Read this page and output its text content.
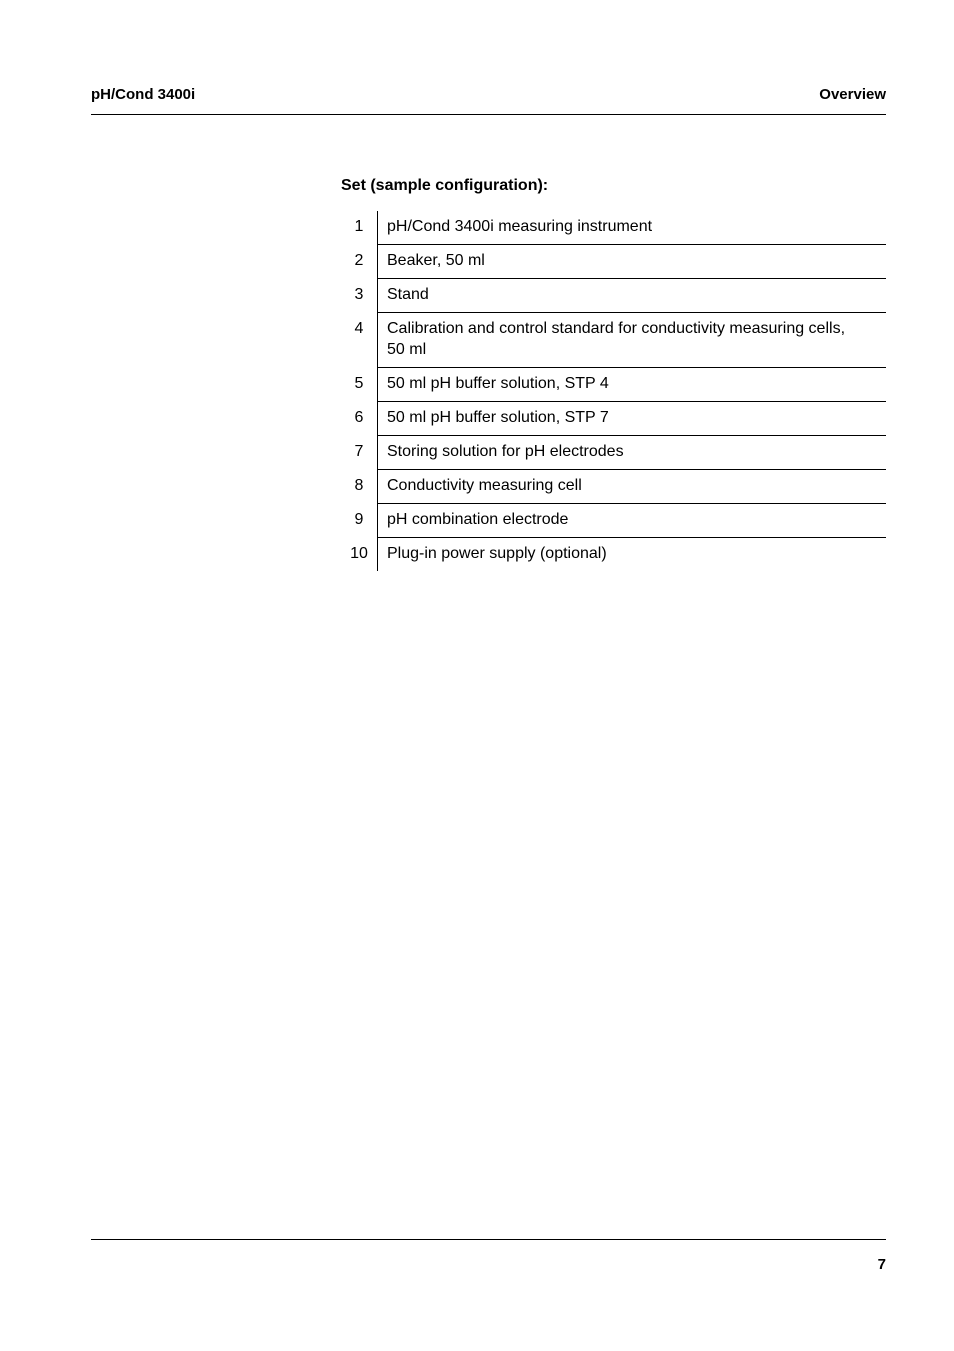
pH/Cond 3400i	Overview
Set (sample configuration):
1	pH/Cond 3400i measuring instrument
2	Beaker, 50 ml
3	Stand
4	Calibration and control standard for conductivity measuring cells, 50 ml
5	50 ml pH buffer solution, STP 4
6	50 ml pH buffer solution, STP 7
7	Storing solution for pH electrodes
8	Conductivity measuring cell
9	pH combination electrode
10	Plug-in power supply (optional)
7
